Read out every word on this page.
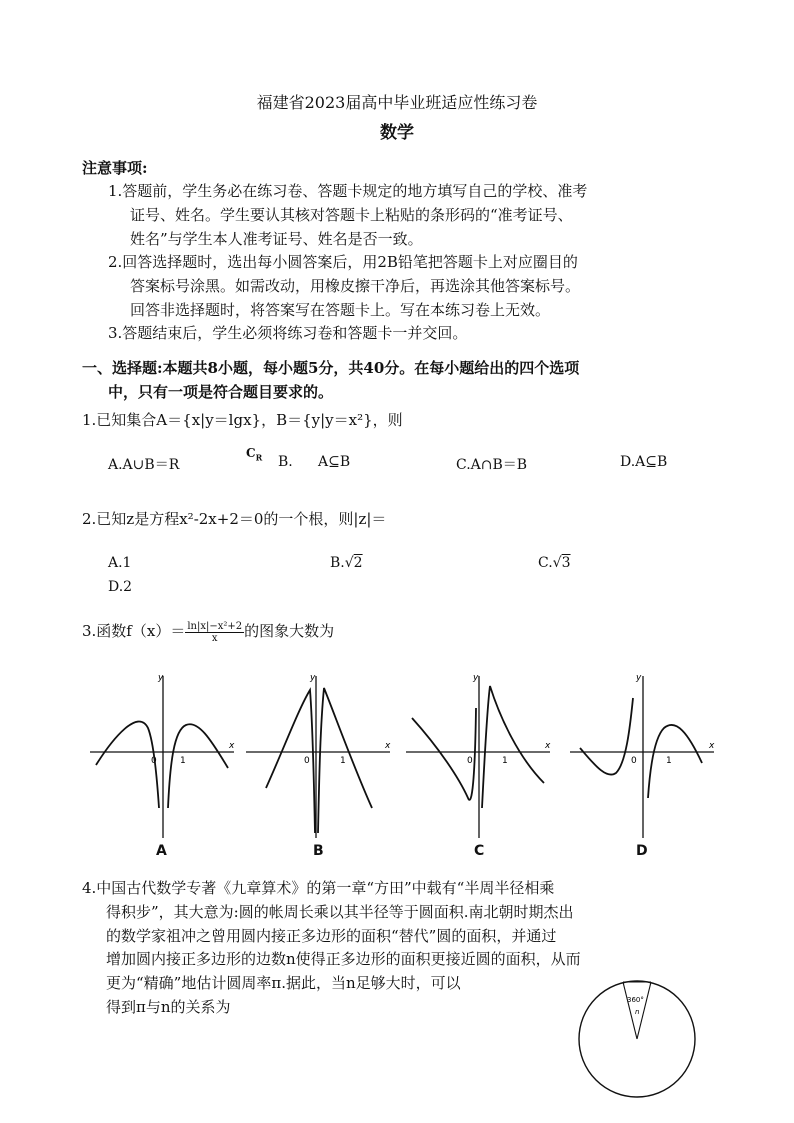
福建省2023届高中毕业班适应性练习卷
数学
注意事项:
1.答题前，学生务必在练习卷、答题卡规定的地方填写自己的学校、准考
证号、姓名。学生要认其核对答题卡上粘贴的条形码的“准考证号、
姓名”与学生本人准考证号、姓名是否一致。
2.回答选择题时，选出每小圆答案后，用2B铅笔把答题卡上对应圈目的
答案标号涂黑。如需改动，用橡皮擦干净后，再选涂其他答案标号。
回答非选择题时，将答案写在答题卡上。写在本练习卷上无效。
3.答题结束后，学生必须将练习卷和答题卡一并交回。
一、选择题:本题共8小题，每小题5分，共40分。在每小题给出的四个选项
中，只有一项是符合题目要求的。
1.已知集合A＝{x|y＝lgx}，B＝{y|y＝x²}，则
A.A∪B＝R
$C_R$ B. A⊆B	C.A∩B＝B	D.A⊆B
2.已知z是方程x²-2x+2＝0的一个根，则|z|＝
A.1	B.√2	C.√3
D.2
3.函数$f(x)= \frac{\text{ln|x|−x²+2}}{x}$ 的图象大数为
y
x
0	1
A
y
x
0	1
B
y
x
0	1
C
y
x
0	1
D
4.中国古代数学专著《九章算术》的第一章“方田”中载有“半周半径相乘
得积步”，其大意为:圆的帐周长乘以其半径等于圆面积.南北朝时期杰出
的数学家祖冲之曾用圆内接正多边形的面积“替代”圆的面积，并通过
增加圆内接正多边形的边数n使得正多边形的面积更接近圆的面积，从而
更为“精确”地估计圆周率π.据此，当n足够大时，可以
得到π与n的关系为	360°
n
